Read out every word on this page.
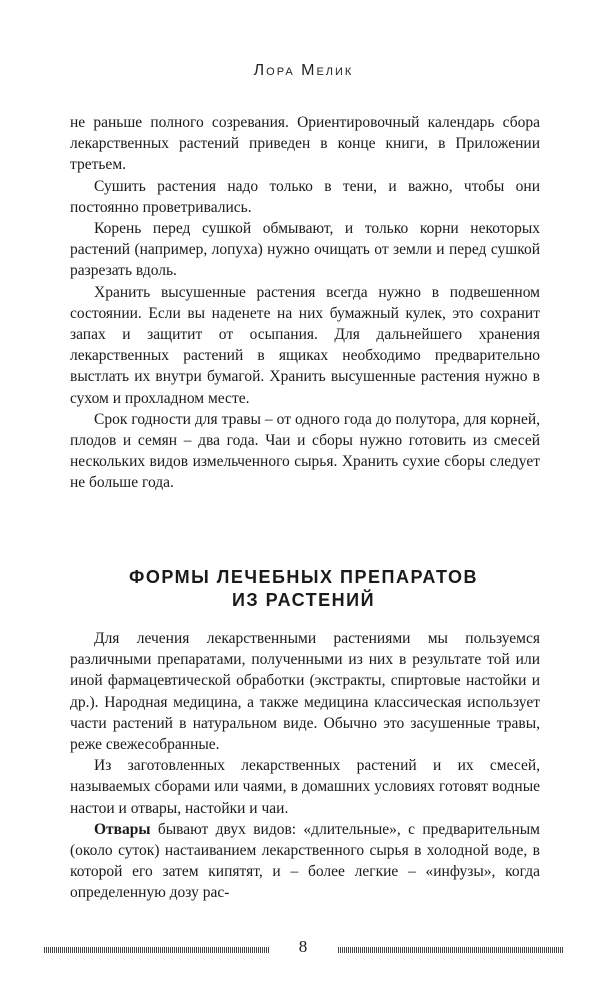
Лора Мелик

не раньше полного созревания. Ориентировочный календарь сбора лекарственных растений приведен в конце книги, в Приложении третьем.

Сушить растения надо только в тени, и важно, чтобы они постоянно проветривались.

Корень перед сушкой обмывают, и только корни некоторых растений (например, лопуха) нужно очищать от земли и перед сушкой разрезать вдоль.

Хранить высушенные растения всегда нужно в подвешенном состоянии. Если вы наденете на них бумажный кулек, это сохранит запах и защитит от осыпания. Для дальнейшего хранения лекарственных растений в ящиках необходимо предварительно выстлать их внутри бумагой. Хранить высушенные растения нужно в сухом и прохладном месте.

Срок годности для травы – от одного года до полутора, для корней, плодов и семян – два года. Чаи и сборы нужно готовить из смесей нескольких видов измельченного сырья. Хранить сухие сборы следует не больше года.

ФОРМЫ ЛЕЧЕБНЫХ ПРЕПАРАТОВ
ИЗ РАСТЕНИЙ

Для лечения лекарственными растениями мы пользуемся различными препаратами, полученными из них в результате той или иной фармацевтической обработки (экстракты, спиртовые настойки и др.). Народная медицина, а также медицина классическая использует части растений в натуральном виде. Обычно это засушенные травы, реже свежесобранные.

Из заготовленных лекарственных растений и их смесей, называемых сборами или чаями, в домашних условиях готовят водные настои и отвары, настойки и чаи.

Отвары бывают двух видов: «длительные», с предварительным (около суток) настаиванием лекарственного сырья в холодной воде, в которой его затем кипятят, и – более легкие – «инфузы», когда определенную дозу рас-

8
